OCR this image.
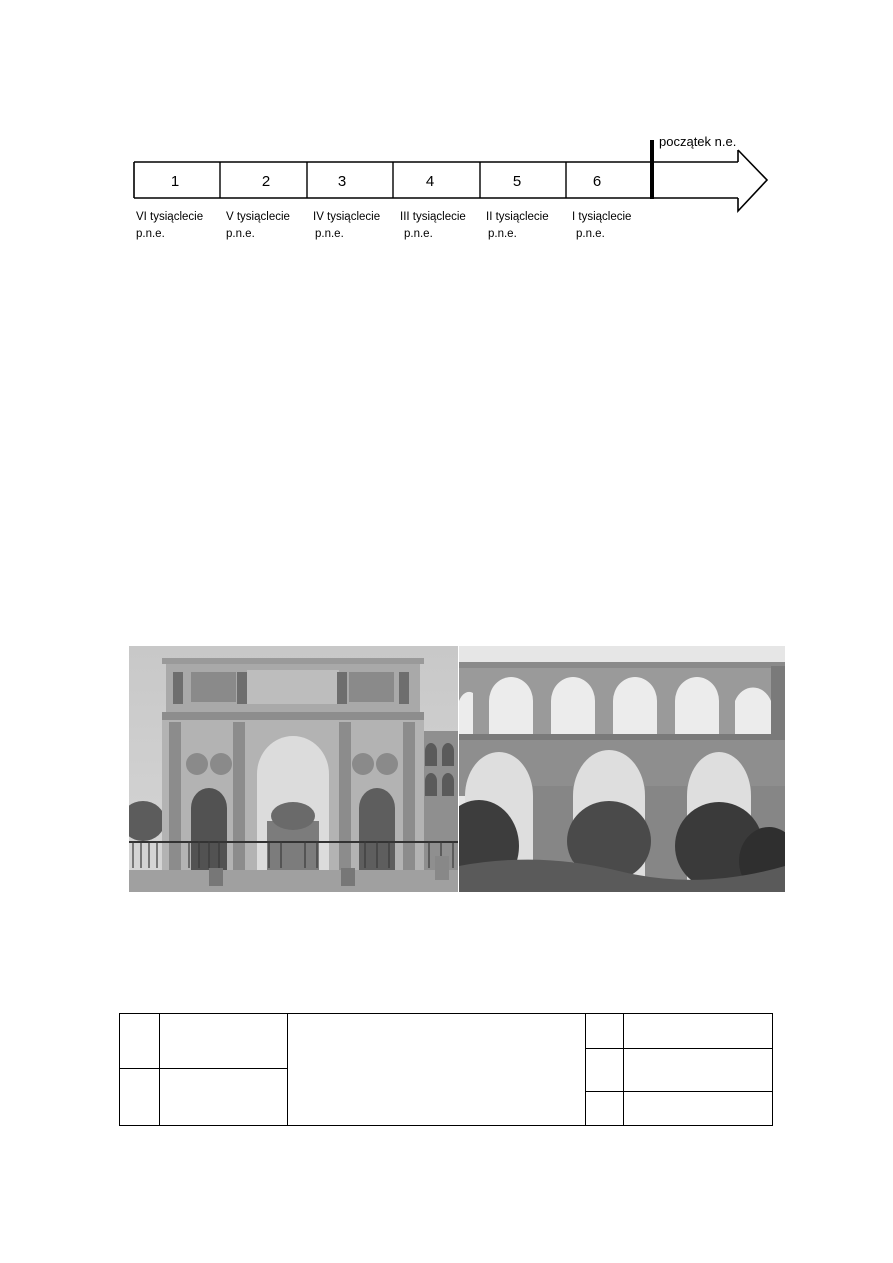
początek n.e.
1	2	3	4	5	6
VI tysiąclecie
p.n.e.
V tysiąclecie
p.n.e.
IV tysiąclecie
p.n.e.
III tysiąclecie
p.n.e.
II tysiąclecie
p.n.e.
I tysiąclecie
p.n.e.
